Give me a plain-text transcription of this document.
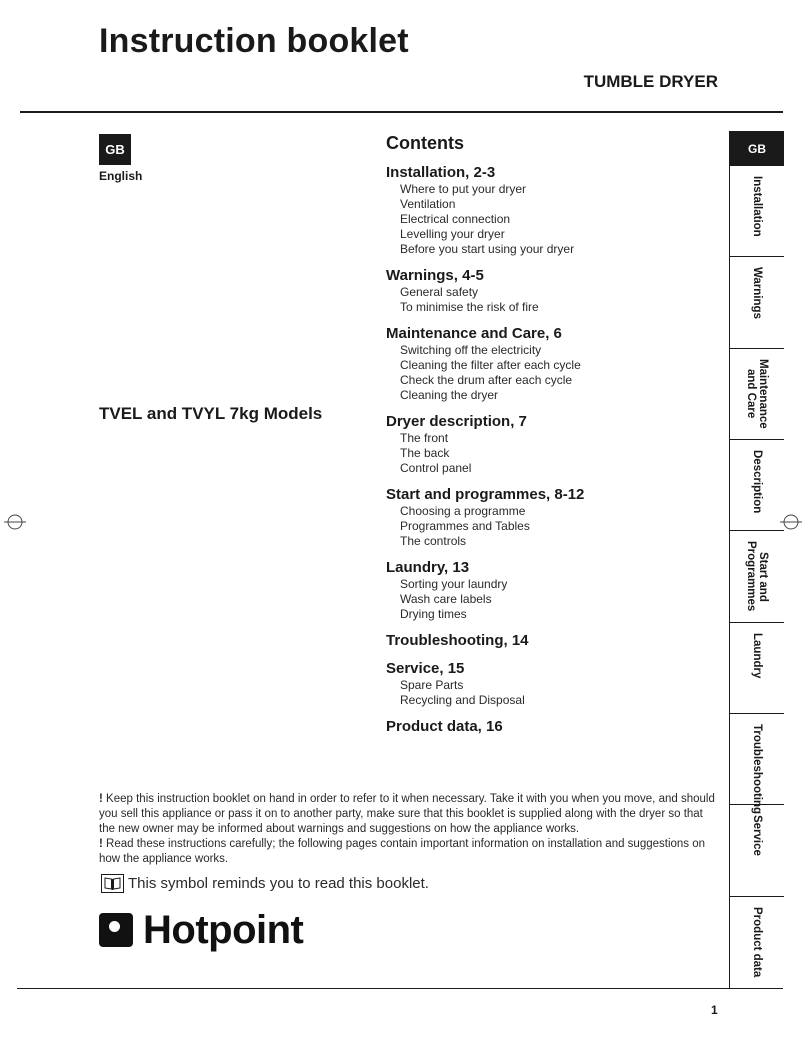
Instruction booklet
TUMBLE DRYER
GB
English
TVEL and TVYL 7kg Models
Contents
Installation, 2-3
Where to put your dryer
Ventilation
Electrical connection
Levelling your dryer
Before you start using your dryer
Warnings, 4-5
General safety
To minimise the risk of fire
Maintenance and Care, 6
Switching off the electricity
Cleaning the filter after each cycle
Check the drum after each cycle
Cleaning the dryer
Dryer description, 7
The front
The back
Control panel
Start and programmes, 8-12
Choosing a programme
Programmes and Tables
The controls
Laundry, 13
Sorting your laundry
Wash care labels
Drying times
Troubleshooting, 14
Service, 15
Spare Parts
Recycling and Disposal
Product data, 16
! Keep this instruction booklet on hand in order to refer to it when necessary. Take it with you when you move, and should you sell this appliance or pass it on to another party, make sure that this booklet is supplied along with the dryer so that the new owner may be informed about warnings and suggestions on how the appliance works.
! Read these instructions carefully; the following pages contain important information on installation and suggestions on how the appliance works.
This symbol reminds you to read this booklet.
Hotpoint
1
GB
Installation
Warnings
Maintenance
and Care
Description
Start and
Programmes
Laundry
Troubleshooting
Service
Product data
